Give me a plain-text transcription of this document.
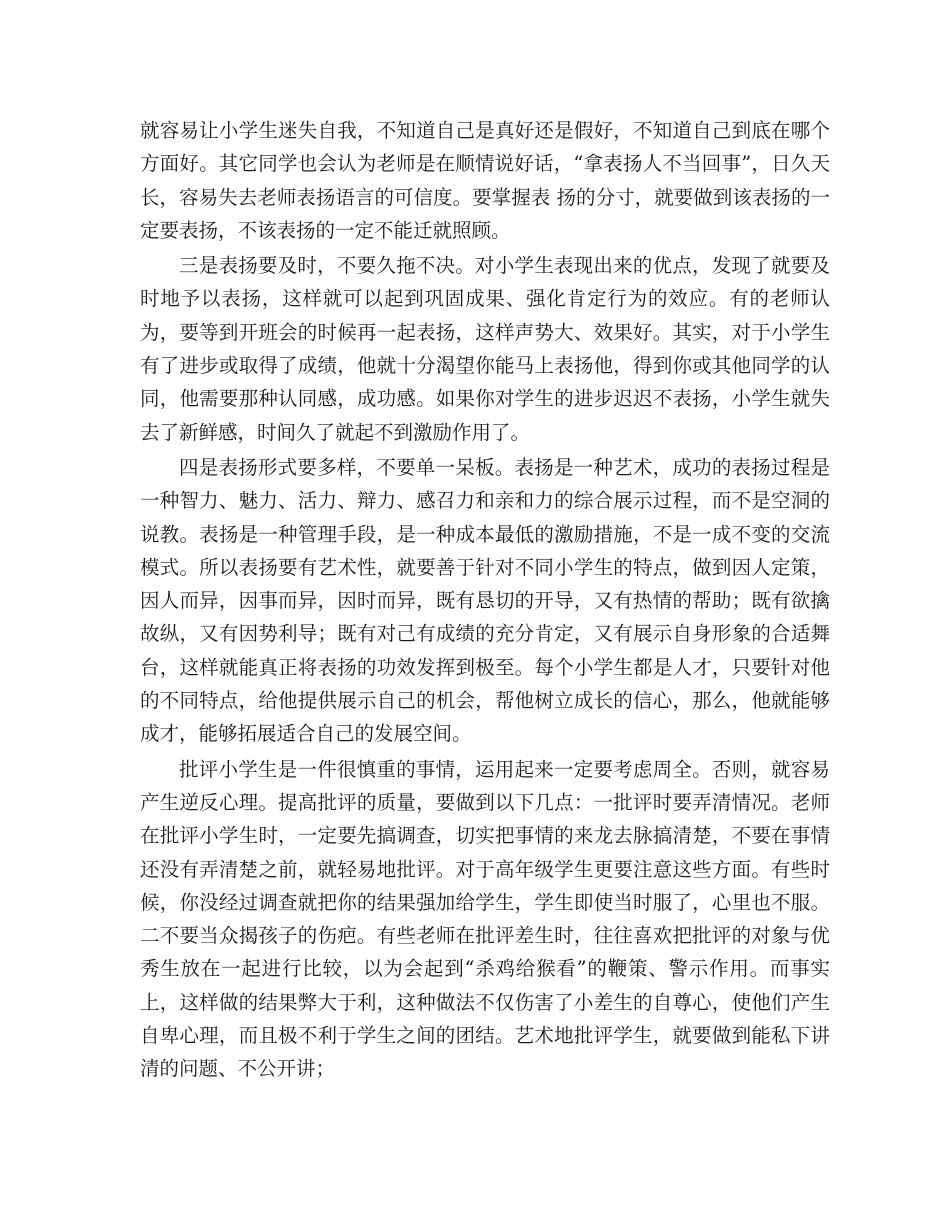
就容易让小学生迷失自我，不知道自己是真好还是假好，不知道自己到底在哪个方面好。其它同学也会认为老师是在顺情说好话，“拿表扬人不当回事”，日久天长，容易失去老师表扬语言的可信度。要掌握表 扬的分寸，就要做到该表扬的一定要表扬，不该表扬的一定不能迁就照顾。

三是表扬要及时，不要久拖不决。对小学生表现出来的优点，发现了就要及时地予以表扬，这样就可以起到巩固成果、强化肯定行为的效应。有的老师认为，要等到开班会的时候再一起表扬，这样声势大、效果好。其实，对于小学生有了进步或取得了成绩，他就十分渴望你能马上表扬他，得到你或其他同学的认同，他需要那种认同感，成功感。如果你对学生的进步迟迟不表扬，小学生就失去了新鲜感，时间久了就起不到激励作用了。

四是表扬形式要多样，不要单一呆板。表扬是一种艺术，成功的表扬过程是一种智力、魅力、活力、辩力、感召力和亲和力的综合展示过程，而不是空洞的说教。表扬是一种管理手段，是一种成本最低的激励措施，不是一成不变的交流模式。所以表扬要有艺术性，就要善于针对不同小学生的特点，做到因人定策，因人而异，因事而异，因时而异，既有恳切的开导，又有热情的帮助；既有欲擒故纵，又有因势利导；既有对己有成绩的充分肯定，又有展示自身形象的合适舞台，这样就能真正将表扬的功效发挥到极至。每个小学生都是人才，只要针对他的不同特点，给他提供展示自己的机会，帮他树立成长的信心，那么，他就能够成才，能够拓展适合自己的发展空间。

批评小学生是一件很慎重的事情，运用起来一定要考虑周全。否则，就容易产生逆反心理。提高批评的质量，要做到以下几点：一批评时要弄清情况。老师在批评小学生时，一定要先搞调查，切实把事情的来龙去脉搞清楚，不要在事情还没有弄清楚之前，就轻易地批评。对于高年级学生更要注意这些方面。有些时候，你没经过调查就把你的结果强加给学生，学生即使当时服了，心里也不服。二不要当众揭孩子的伤疤。有些老师在批评差生时，往往喜欢把批评的对象与优秀生放在一起进行比较，以为会起到“杀鸡给猴看”的鞭策、警示作用。而事实上，这样做的结果弊大于利，这种做法不仅伤害了小差生的自尊心，使他们产生自卑心理，而且极不利于学生之间的团结。艺术地批评学生，就要做到能私下讲清的问题、不公开讲；
